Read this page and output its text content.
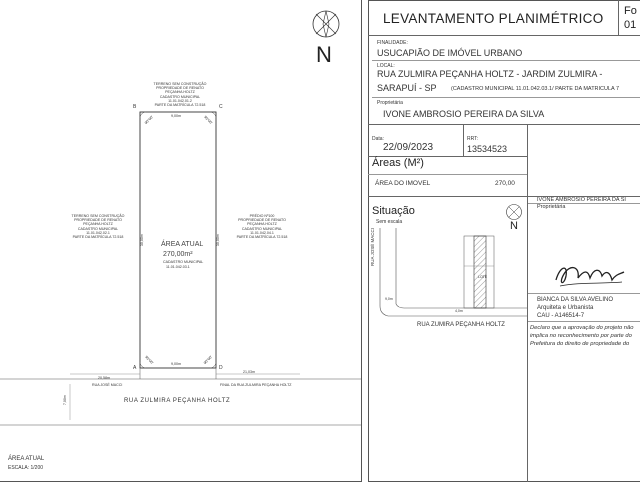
N
B	C
A	D
90°00'	90°00'
90°00'	90°00'
9,00m
9,00m
30,00m	30,00m
20,58m
21,03m
7,00m
ÁREA ATUAL
270,00m²
CADASTRO MUNICIPAL
11.01.042.03.1
TERRENO SEM CONSTRUÇÃO
PROPRIEDADE DE RENATO
PEÇANHA HOLTZ
CADASTRO MUNICIPAL
11.01.042.01.2
PARTE DA MATRÍCULA 72.518
TERRENO SEM CONSTRUÇÃO
PROPRIEDADE DE RENATO
PEÇANHA HOLTZ
CADASTRO MUNICIPAL
11.01.042.02.1
PARTE DA MATRÍCULA 72.518
PRÉDIO Nº100
PROPRIEDADE DE RENATO
PEÇANHA HOLTZ
CADASTRO MUNICIPAL
11.01.042.04.1
PARTE DA MATRÍCULA 72.518
RUA JOSÉ MACCI	FINAL DA RUA ZULMIRA PEÇANHA HOLTZ
RUA ZULMIRA PEÇANHA HOLTZ
ÁREA ATUAL
ESCALA: 1/200
LEVANTAMENTO PLANIMÉTRICO Fo
01
FINALIDADE:
USUCAPIÃO DE IMÓVEL URBANO
LOCAL:
RUA ZULMIRA PEÇANHA HOLTZ - JARDIM ZULMIRA -
SARAPUÍ - SP	(CADASTRO MUNICIPAL 11.01.042.03.1/ PARTE DA MATRICULA 7
Proprietária
IVONE AMBROSIO PEREIRA DA SILVA
Data:
22/09/2023
RRT:
13534523
Áreas (M²)
ÁREA DO IMOVEL	270,00
IVONE AMBROSIO PEREIRA DA SI
Proprietária
BIANCA DA SILVA AVELINO
Arquiteta e Urbanista
CAU - A146514-7
Declaro que a aprovação do projeto não
implica no reconhecimento por parte do
Prefeitura do direito de propriedade do
Situação
Sem escala	N
RUA JOSÉ MACCI
RUA ZUMIRA PEÇANHA HOLTZ
LOTE
9,0m
4,0m
